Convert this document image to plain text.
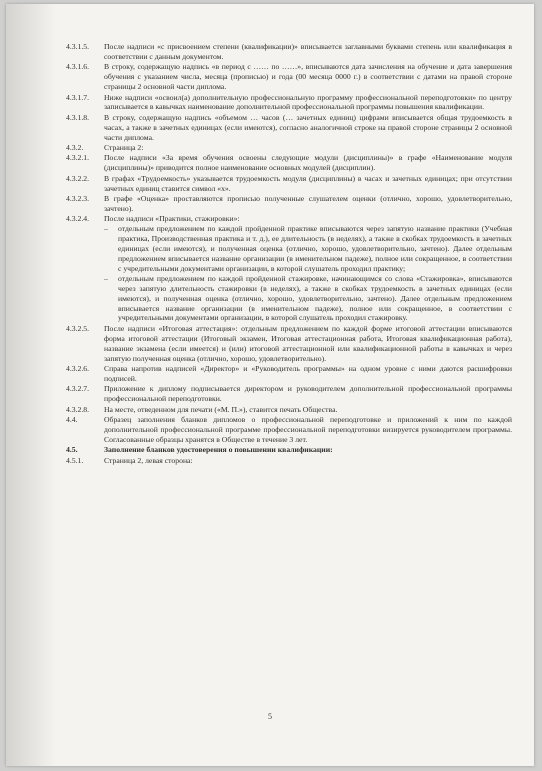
4.3.1.5.	После надписи «с присвоением степени (квалификации)» вписывается заглавными буквами степень или квалификация в соответствии с данным документом.
4.3.1.6.	В строку, содержащую надпись «в период с …… по ……», вписываются дата зачисления на обучение и дата завершения обучения с указанием числа, месяца (прописью) и года (00 месяца 0000 г.) в соответствии с датами на правой стороне страницы 2 основной части диплома.
4.3.1.7.	Ниже надписи «освоил(а) дополнительную профессиональную программу профессиональной переподготовки» по центру записывается в кавычках наименование дополнительной профессиональной программы повышения квалификации.
4.3.1.8.	В строку, содержащую надпись «объемом … часов (… зачетных единиц) цифрами вписывается общая трудоемкость в часах, а также в зачетных единицах (если имеются), согласно аналогичной строке на правой стороне страницы 2 основной части диплома.
4.3.2.	Страница 2:
4.3.2.1.	После надписи «За время обучения освоены следующие модули (дисциплины)» в графе «Наименование модуля (дисциплины)» приводится полное наименование основных модулей (дисциплин).
4.3.2.2.	В графах «Трудоемкость» указывается трудоемкость модуля (дисциплины) в часах и зачетных единицах; при отсутствии зачетных единиц ставится символ «х».
4.3.2.3.	В графе «Оценка» проставляются прописью полученные слушателем оценки (отлично, хорошо, удовлетворительно, зачтено).
4.3.2.4.	После надписи «Практики, стажировки»:
–	отдельным предложением по каждой пройденной практике вписываются через запятую название практики (Учебная практика, Производственная практика и т. д.), ее длительность (в неделях), а также в скобках трудоемкость в зачетных единицах (если имеются), и полученная оценка (отлично, хорошо, удовлетворительно, зачтено). Далее отдельным предложением вписывается название организации (в именительном падеже), полное или сокращенное, в соответствии с учредительными документами организации, в которой слушатель проходил практику;
–	отдельным предложением по каждой пройденной стажировке, начинающимся со слова «Стажировка», вписываются через запятую длительность стажировки (в неделях), а также в скобках трудоемкость в зачетных единицах (если имеются), и полученная оценка (отлично, хорошо, удовлетворительно, зачтено). Далее отдельным предложением вписывается название организации (в именительном падеже), полное или сокращенное, в соответствии с учредительными документами организации, в которой слушатель проходил стажировку.
4.3.2.5.	После надписи «Итоговая аттестация»: отдельным предложением по каждой форме итоговой аттестации вписываются форма итоговой аттестации (Итоговый экзамен, Итоговая аттестационная работа, Итоговая квалификационная работа), название экзамена (если имеется) и (или) итоговой аттестационной или квалификационной работы в кавычках и через запятую полученная оценка (отлично, хорошо, удовлетворительно).
4.3.2.6.	Справа напротив надписей «Директор» и «Руководитель программы» на одном уровне с ними даются расшифровки подписей.
4.3.2.7.	Приложение к диплому подписывается директором и руководителем дополнительной профессиональной программы профессиональной переподготовки.
4.3.2.8.	На месте, отведенном для печати («М. П.»), ставится печать Общества.
4.4.	Образец заполнения бланков дипломов о профессиональной переподготовке и приложений к ним по каждой дополнительной профессиональной программе профессиональной переподготовки визируется руководителем программы. Согласованные образцы хранятся в Обществе в течение 3 лет.
4.5.	Заполнение бланков удостоверения о повышении квалификации:
4.5.1.	Страница 2, левая сторона:
5
